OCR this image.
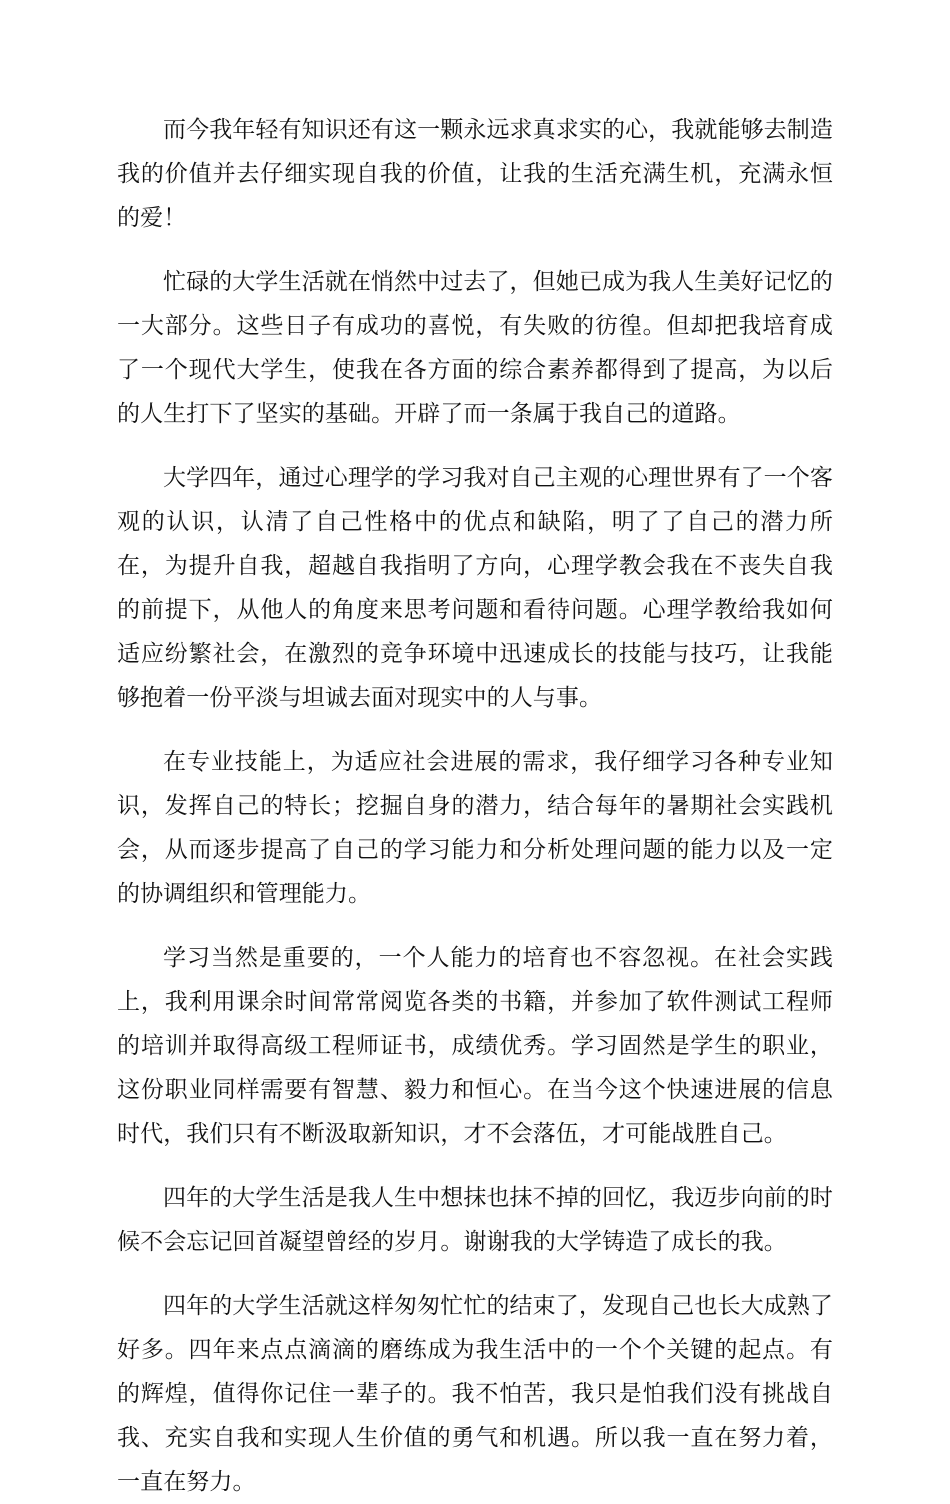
而今我年轻有知识还有这一颗永远求真求实的心，我就能够去制造我的价值并去仔细实现自我的价值，让我的生活充满生机，充满永恒的爱！

忙碌的大学生活就在悄然中过去了，但她已成为我人生美好记忆的一大部分。这些日子有成功的喜悦，有失败的彷徨。但却把我培育成了一个现代大学生，使我在各方面的综合素养都得到了提高，为以后的人生打下了坚实的基础。开辟了而一条属于我自己的道路。

大学四年，通过心理学的学习我对自己主观的心理世界有了一个客观的认识，认清了自己性格中的优点和缺陷，明了了自己的潜力所在，为提升自我，超越自我指明了方向，心理学教会我在不丧失自我的前提下，从他人的角度来思考问题和看待问题。心理学教给我如何适应纷繁社会，在激烈的竞争环境中迅速成长的技能与技巧，让我能够抱着一份平淡与坦诚去面对现实中的人与事。

在专业技能上，为适应社会进展的需求，我仔细学习各种专业知识，发挥自己的特长；挖掘自身的潜力，结合每年的暑期社会实践机会，从而逐步提高了自己的学习能力和分析处理问题的能力以及一定的协调组织和管理能力。

学习当然是重要的，一个人能力的培育也不容忽视。在社会实践上，我利用课余时间常常阅览各类的书籍，并参加了软件测试工程师的培训并取得高级工程师证书，成绩优秀。学习固然是学生的职业，这份职业同样需要有智慧、毅力和恒心。在当今这个快速进展的信息时代，我们只有不断汲取新知识，才不会落伍，才可能战胜自己。

四年的大学生活是我人生中想抹也抹不掉的回忆，我迈步向前的时候不会忘记回首凝望曾经的岁月。谢谢我的大学铸造了成长的我。

四年的大学生活就这样匆匆忙忙的结束了，发现自己也长大成熟了好多。四年来点点滴滴的磨练成为我生活中的一个个关键的起点。有的辉煌，值得你记住一辈子的。我不怕苦，我只是怕我们没有挑战自我、充实自我和实现人生价值的勇气和机遇。所以我一直在努力着，一直在努力。
